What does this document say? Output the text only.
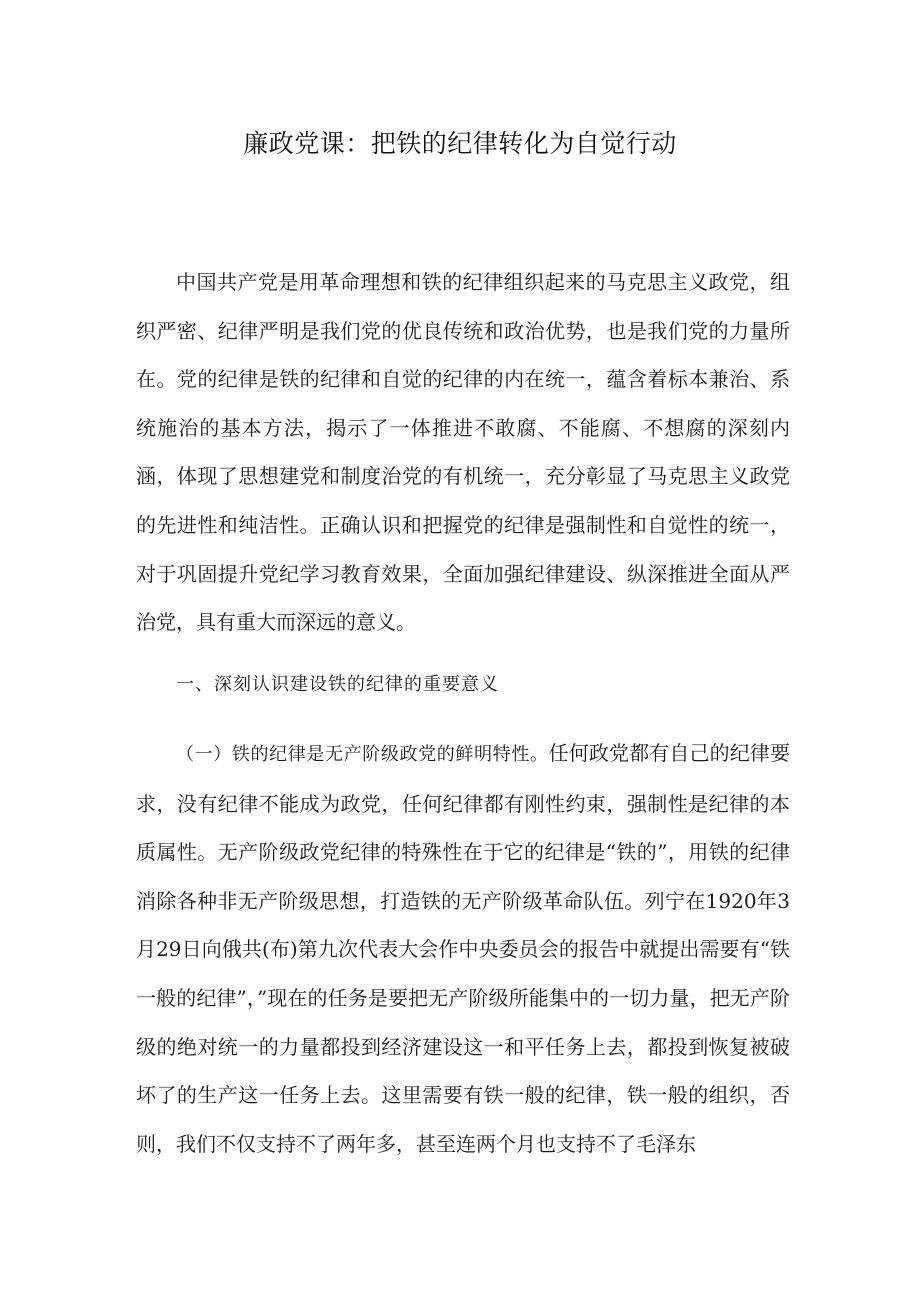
廉政党课：把铁的纪律转化为自觉行动

中国共产党是用革命理想和铁的纪律组织起来的马克思主义政党，组织严密、纪律严明是我们党的优良传统和政治优势，也是我们党的力量所在。党的纪律是铁的纪律和自觉的纪律的内在统一，蕴含着标本兼治、系统施治的基本方法，揭示了一体推进不敢腐、不能腐、不想腐的深刻内涵，体现了思想建党和制度治党的有机统一，充分彰显了马克思主义政党的先进性和纯洁性。正确认识和把握党的纪律是强制性和自觉性的统一，对于巩固提升党纪学习教育效果，全面加强纪律建设、纵深推进全面从严治党，具有重大而深远的意义。

一、深刻认识建设铁的纪律的重要意义

（一）铁的纪律是无产阶级政党的鲜明特性。任何政党都有自己的纪律要求，没有纪律不能成为政党，任何纪律都有刚性约束，强制性是纪律的本质属性。无产阶级政党纪律的特殊性在于它的纪律是“铁的”，用铁的纪律消除各种非无产阶级思想，打造铁的无产阶级革命队伍。列宁在1920年3月29日向俄共(布)第九次代表大会作中央委员会的报告中就提出需要有“铁一般的纪律”，”现在的任务是要把无产阶级所能集中的一切力量，把无产阶级的绝对统一的力量都投到经济建设这一和平任务上去，都投到恢复被破坏了的生产这一任务上去。这里需要有铁一般的纪律，铁一般的组织，否则，我们不仅支持不了两年多，甚至连两个月也支持不了毛泽东
